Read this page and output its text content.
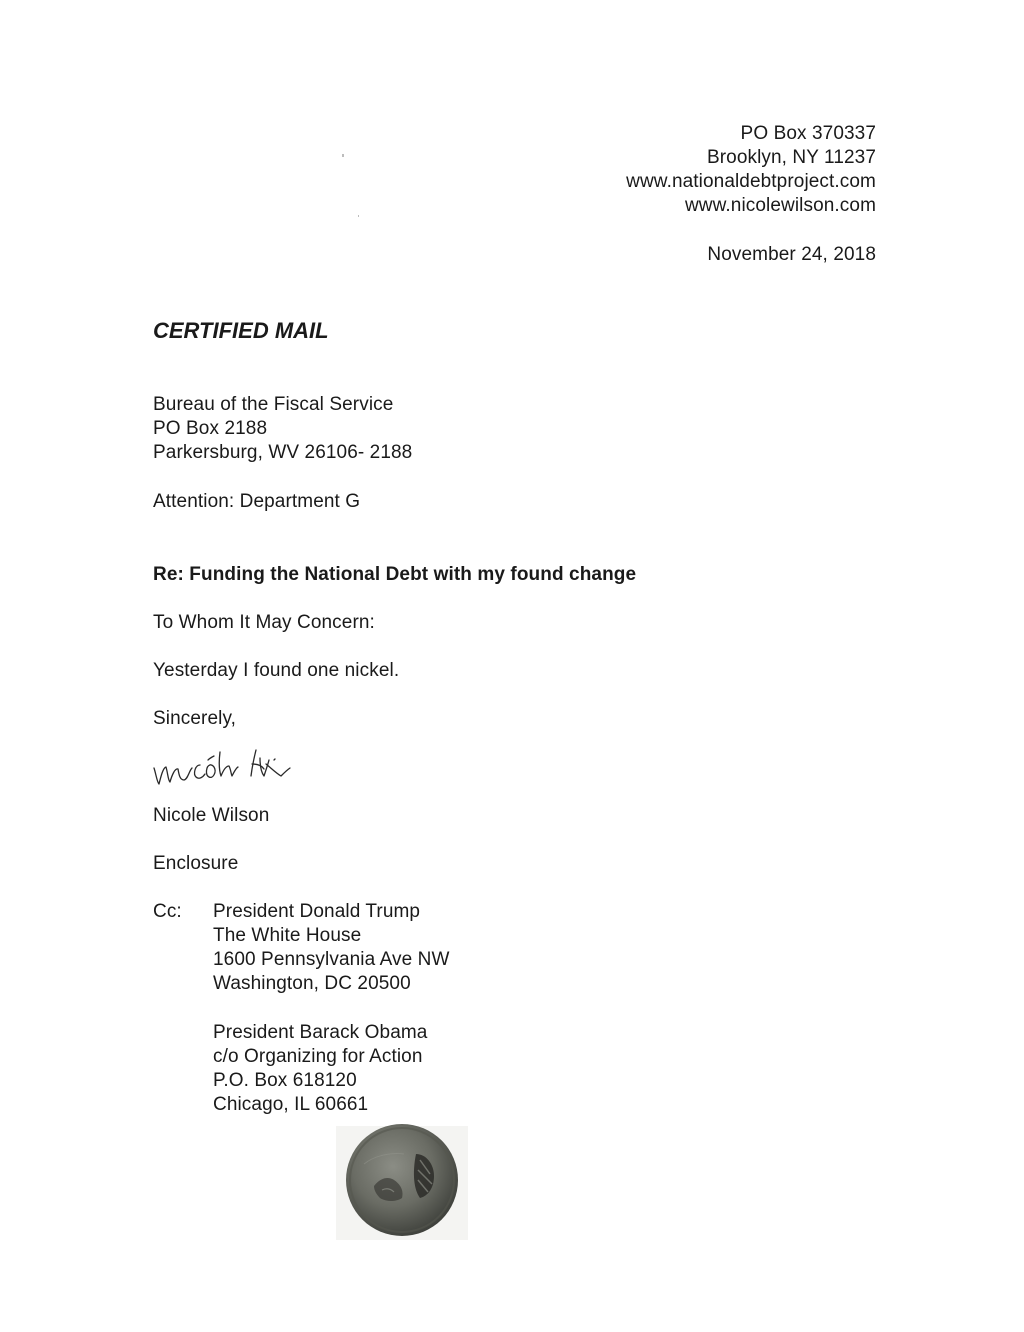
PO Box 370337
Brooklyn, NY 11237
www.nationaldebtproject.com
www.nicolewilson.com
November 24, 2018
CERTIFIED MAIL
Bureau of the Fiscal Service
PO Box 2188
Parkersburg, WV 26106- 2188
Attention: Department G
Re: Funding the National Debt with my found change
To Whom It May Concern:
Yesterday I found one nickel.
Sincerely,
Nicole Wilson
Enclosure
Cc: President Donald Trump
The White House
1600 Pennsylvania Ave NW
Washington, DC 20500
President Barack Obama
c/o Organizing for Action
P.O. Box 618120
Chicago, IL 60661
